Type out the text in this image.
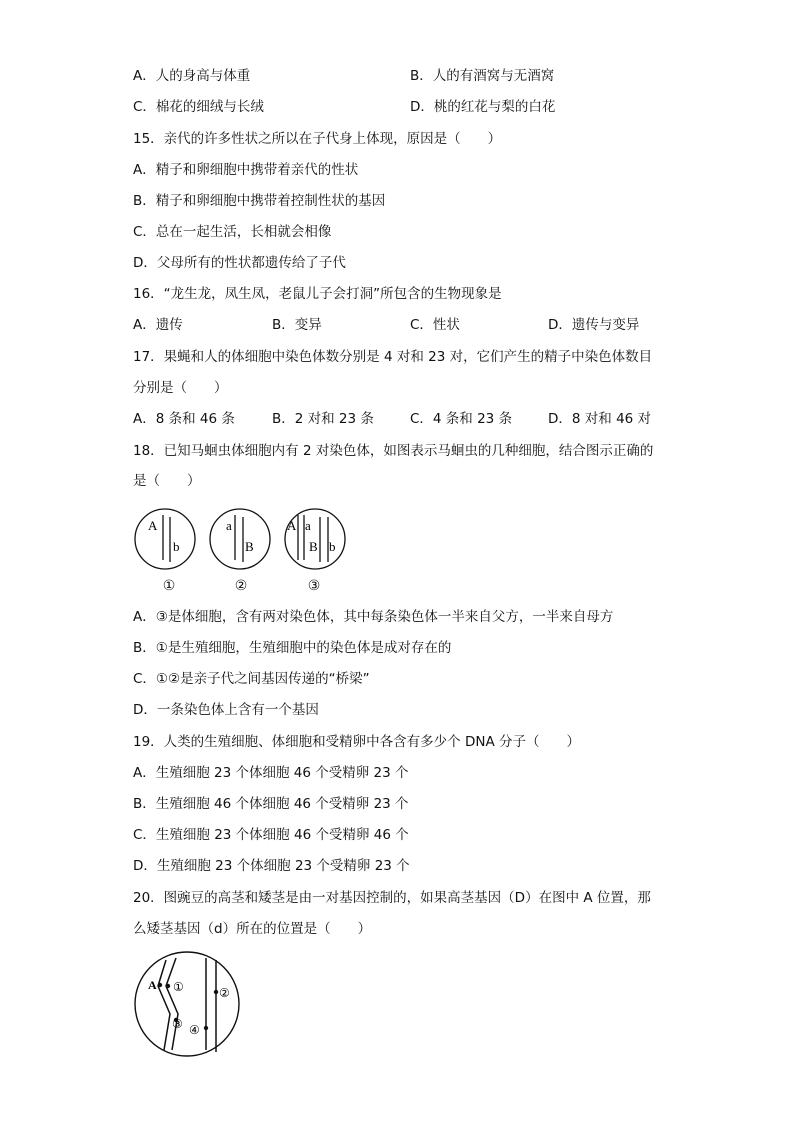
A．人的身高与体重	B．人的有酒窝与无酒窝
C．棉花的细绒与长绒	D．桃的红花与梨的白花
15．亲代的许多性状之所以在子代身上体现，原因是（　　）
A．精子和卵细胞中携带着亲代的性状
B．精子和卵细胞中携带着控制性状的基因
C．总在一起生活，长相就会相像
D．父母所有的性状都遗传给了子代
16．“龙生龙，凤生凤，老鼠儿子会打洞”所包含的生物现象是
A．遗传	B．变异	C．性状	D．遗传与变异
17．果蝇和人的体细胞中染色体数分别是 4 对和 23 对，它们产生的精子中染色体数目
分别是（　　）
A．8 条和 46 条	B．2 对和 23 条	C．4 条和 23 条	D．8 对和 46 对
18．已知马蛔虫体细胞内有 2 对染色体，如图表示马蛔虫的几种细胞，结合图示正确的
是（　　）
A
b
a
B
A a
B b
①	②	③
A．③是体细胞，含有两对染色体，其中每条染色体一半来自父方，一半来自母方
B．①是生殖细胞，生殖细胞中的染色体是成对存在的
C．①②是亲子代之间基因传递的“桥梁”
D．一条染色体上含有一个基因
19．人类的生殖细胞、体细胞和受精卵中各含有多少个 DNA 分子（　　）
A．生殖细胞 23 个体细胞 46 个受精卵 23 个
B．生殖细胞 46 个体细胞 46 个受精卵 23 个
C．生殖细胞 23 个体细胞 46 个受精卵 46 个
D．生殖细胞 23 个体细胞 23 个受精卵 23 个
20．图豌豆的高茎和矮茎是由一对基因控制的，如果高茎基因（D）在图中 A 位置，那
么矮茎基因（d）所在的位置是（　　）
A ①	②
③ ④
